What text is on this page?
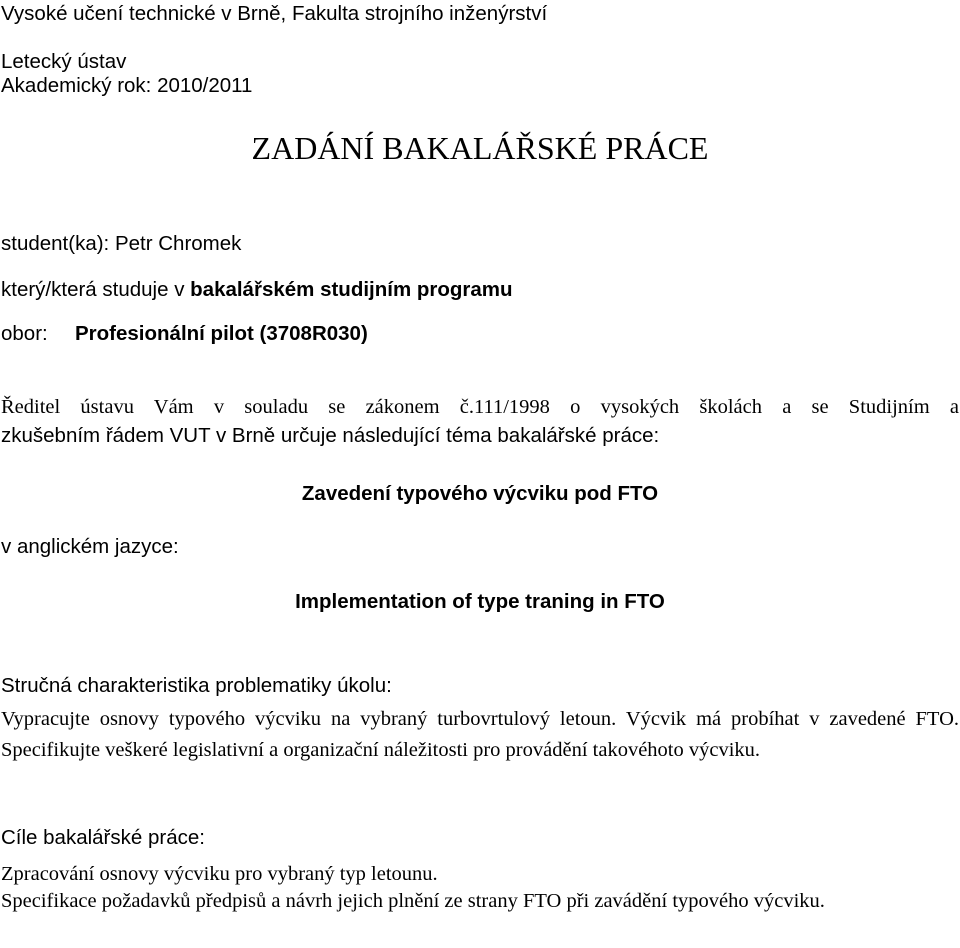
Vysoké učení technické v Brně, Fakulta strojního inženýrství
Letecký ústav
Akademický rok: 2010/2011
ZADÁNÍ BAKALÁŘSKÉ PRÁCE
student(ka): Petr Chromek
který/která studuje v bakalářském studijním programu
obor: Profesionální pilot (3708R030)
Ředitel ústavu Vám v souladu se zákonem č.111/1998 o vysokých školách a se Studijním a
zkušebním řádem VUT v Brně určuje následující téma bakalářské práce:
Zavedení typového výcviku pod FTO
v anglickém jazyce:
Implementation of type traning in FTO
Stručná charakteristika problematiky úkolu:
Vypracujte osnovy typového výcviku na vybraný turbovrtulový letoun. Výcvik má probíhat v zavedené FTO. Specifikujte veškeré legislativní a organizační náležitosti pro provádění takovéhoto výcviku.
Cíle bakalářské práce:
Zpracování osnovy výcviku pro vybraný typ letounu.
Specifikace požadavků předpisů a návrh jejich plnění ze strany FTO při zavádění typového výcviku.
